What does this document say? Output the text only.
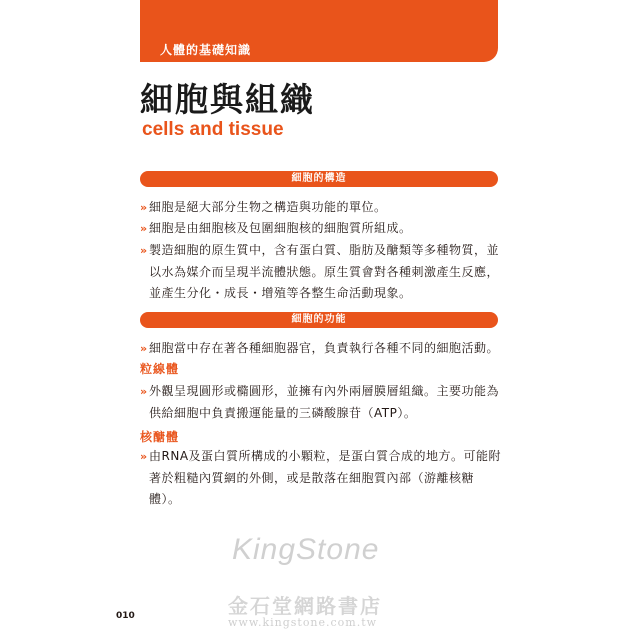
人體的基礎知識
細胞與組織
cells and tissue
細胞的構造
» 細胞是絕大部分生物之構造與功能的單位。
» 細胞是由細胞核及包圍細胞核的細胞質所組成。
» 製造細胞的原生質中，含有蛋白質、脂肪及醣類等多種物質，並以水為媒介而呈現半流體狀態。原生質會對各種刺激產生反應，並產生分化・成長・增殖等各整生命活動現象。
細胞的功能
» 細胞當中存在著各種細胞器官，負責執行各種不同的細胞活動。
粒線體
» 外觀呈現圓形或橢圓形，並擁有內外兩層膜層組織。主要功能為供給細胞中負責搬運能量的三磷酸腺苷（ATP）。
核醣體
» 由RNA及蛋白質所構成的小顆粒，是蛋白質合成的地方。可能附著於粗糙內質網的外側，或是散落在細胞質內部（游離核糖體）。
KingStone
金石堂網路書店
www.kingstone.com.tw
010
